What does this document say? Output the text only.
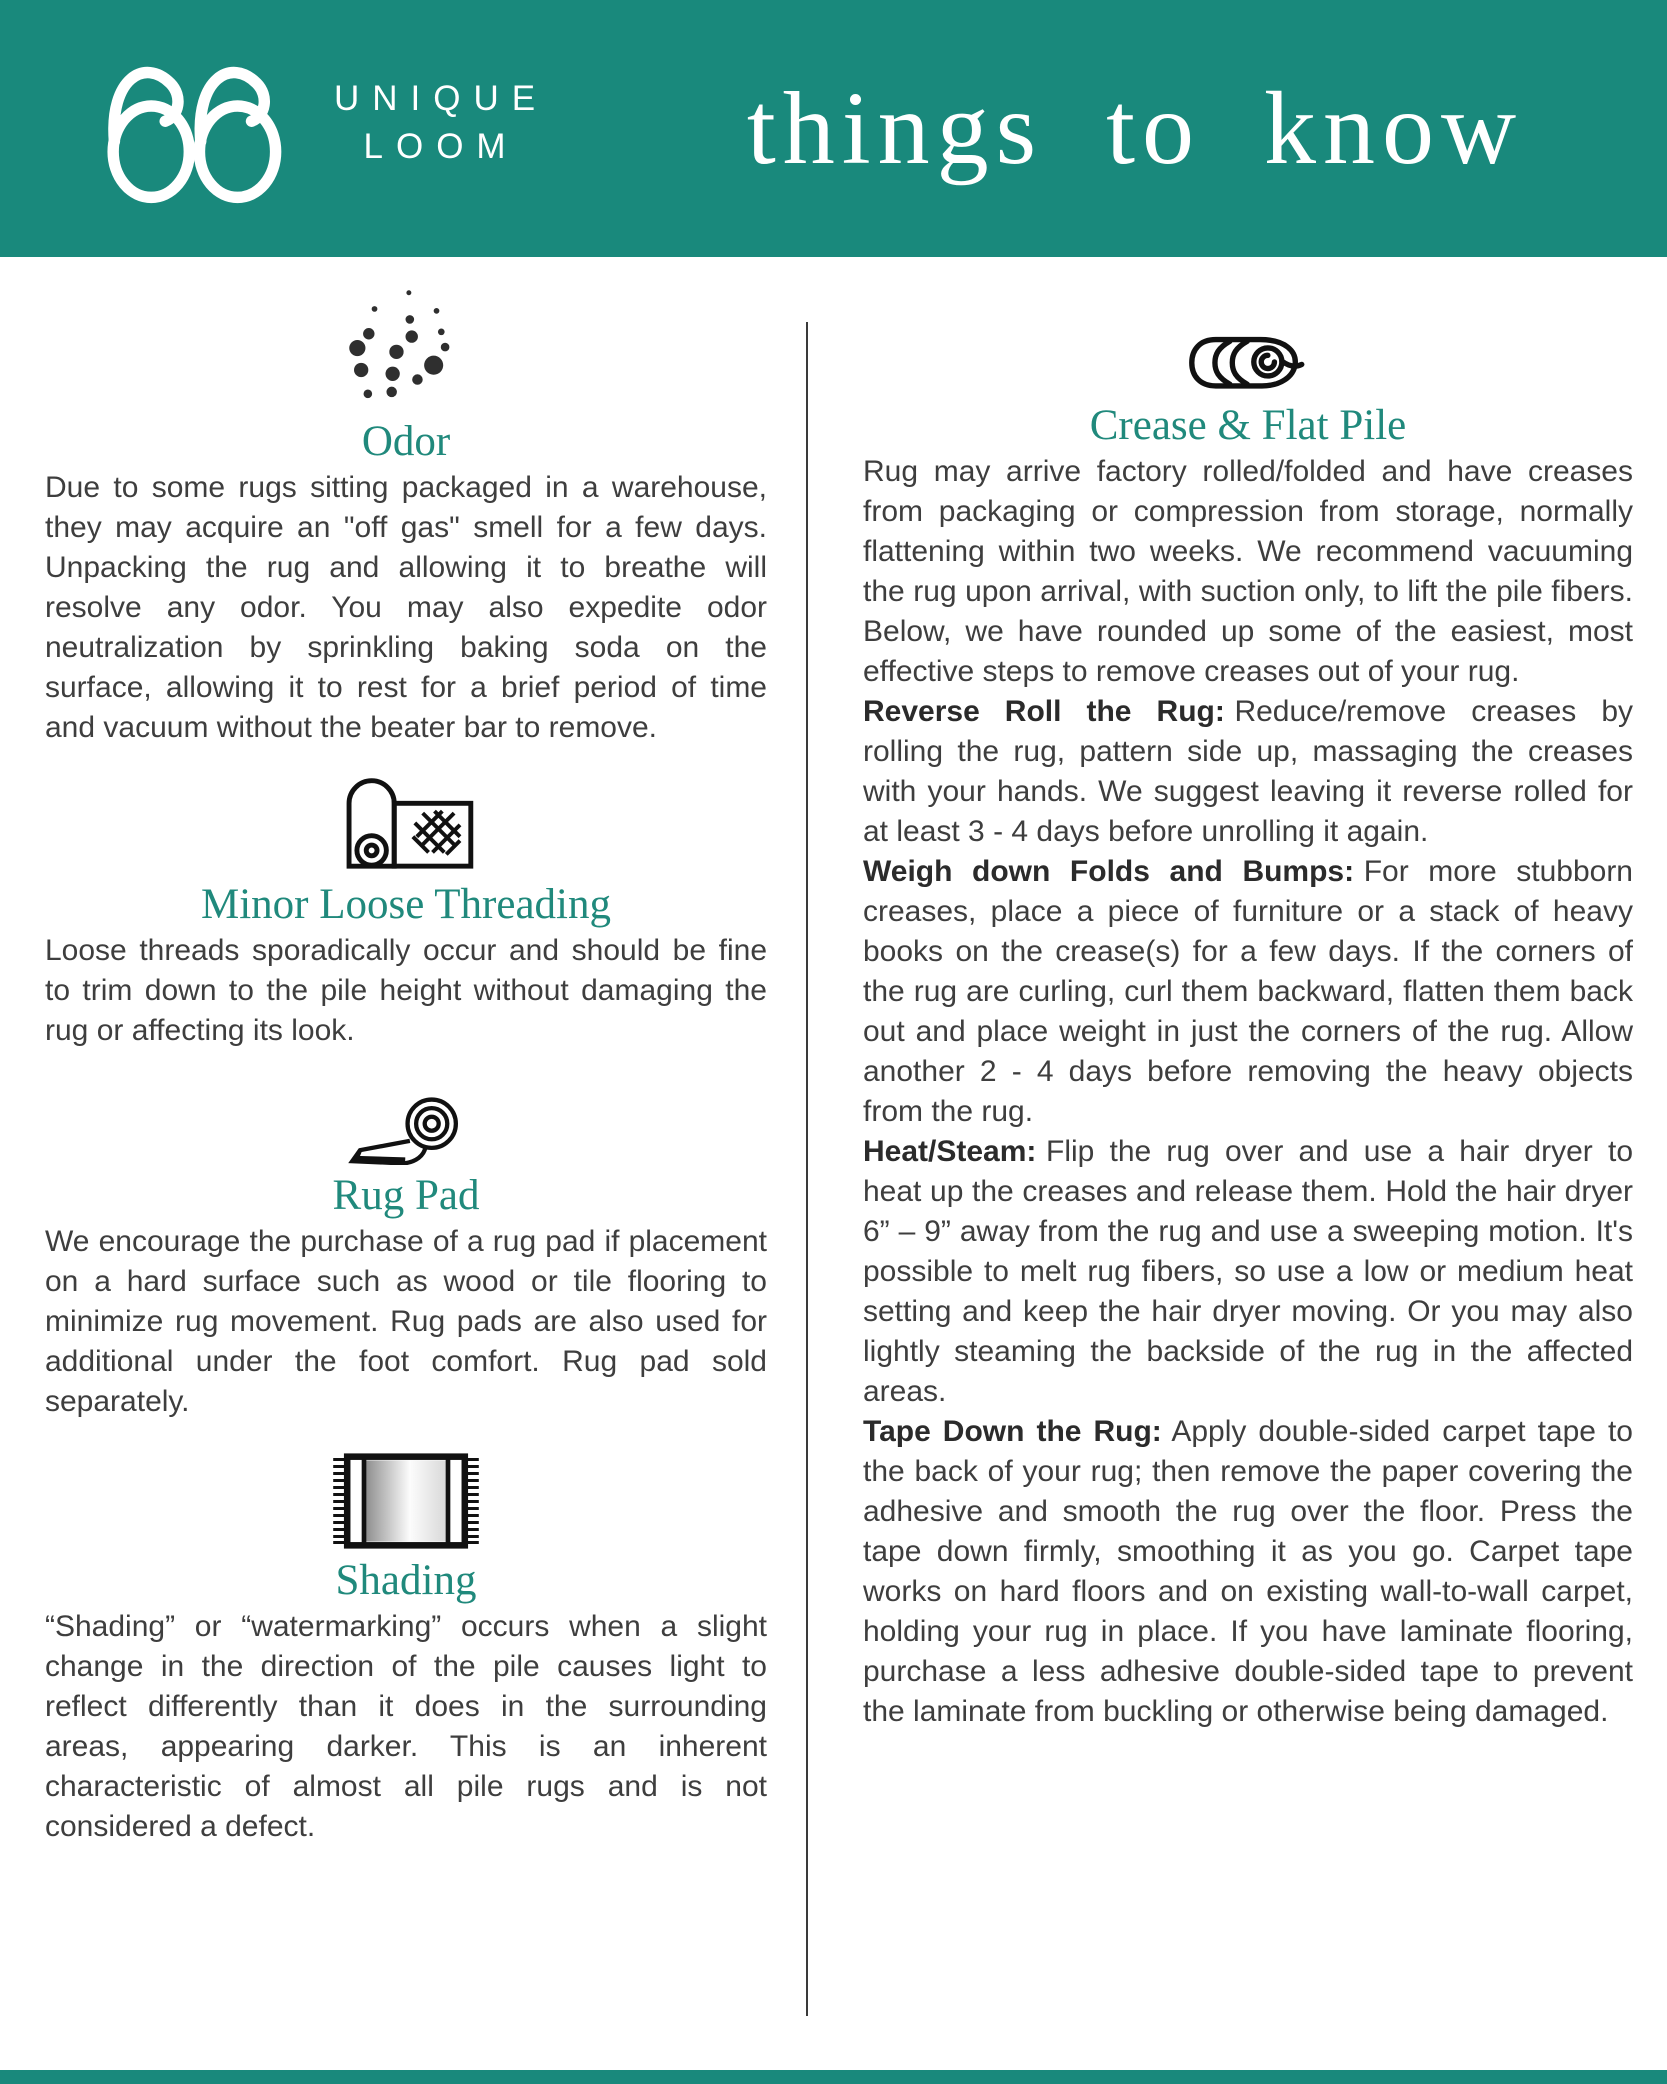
UNIQUE
LOOM	things to know
Odor

Due to some rugs sitting packaged in a warehouse, they may acquire an "off gas" smell for a few days. Unpacking the rug and allowing it to breathe will resolve any odor. You may also expedite odor neutralization by sprinkling baking soda on the surface, allowing it to rest for a brief period of time and vacuum without the beater bar to remove.

Minor Loose Threading

Loose threads sporadically occur and should be fine to trim down to the pile height without damaging the rug or affecting its look.

Rug Pad

We encourage the purchase of a rug pad if placement on a hard surface such as wood or tile flooring to minimize rug movement. Rug pads are also used for additional under the foot comfort. Rug pad sold separately.

Shading

“Shading” or “watermarking” occurs when a slight change in the direction of the pile causes light to reflect differently than it does in the surrounding areas, appearing darker. This is an inherent characteristic of almost all pile rugs and is not considered a defect.

Crease & Flat Pile

Rug may arrive factory rolled/folded and have creases from packaging or compression from storage, normally flattening within two weeks. We recommend vacuuming the rug upon arrival, with suction only, to lift the pile fibers. Below, we have rounded up some of the easiest, most effective steps to remove creases out of your rug.

Reverse Roll the Rug: Reduce/remove creases by rolling the rug, pattern side up, massaging the creases with your hands. We suggest leaving it reverse rolled for at least 3 - 4 days before unrolling it again.

Weigh down Folds and Bumps: For more stubborn creases, place a piece of furniture or a stack of heavy books on the crease(s) for a few days. If the corners of the rug are curling, curl them backward, flatten them back out and place weight in just the corners of the rug. Allow another 2 - 4 days before removing the heavy objects from the rug.

Heat/Steam: Flip the rug over and use a hair dryer to heat up the creases and release them. Hold the hair dryer 6” – 9” away from the rug and use a sweeping motion. It's possible to melt rug fibers, so use a low or medium heat setting and keep the hair dryer moving. Or you may also lightly steaming the backside of the rug in the affected areas.

Tape Down the Rug: Apply double-sided carpet tape to the back of your rug; then remove the paper covering the adhesive and smooth the rug over the floor. Press the tape down firmly, smoothing it as you go. Carpet tape works on hard floors and on existing wall-to-wall carpet, holding your rug in place. If you have laminate flooring, purchase a less adhesive double-sided tape to prevent the laminate from buckling or otherwise being damaged.
